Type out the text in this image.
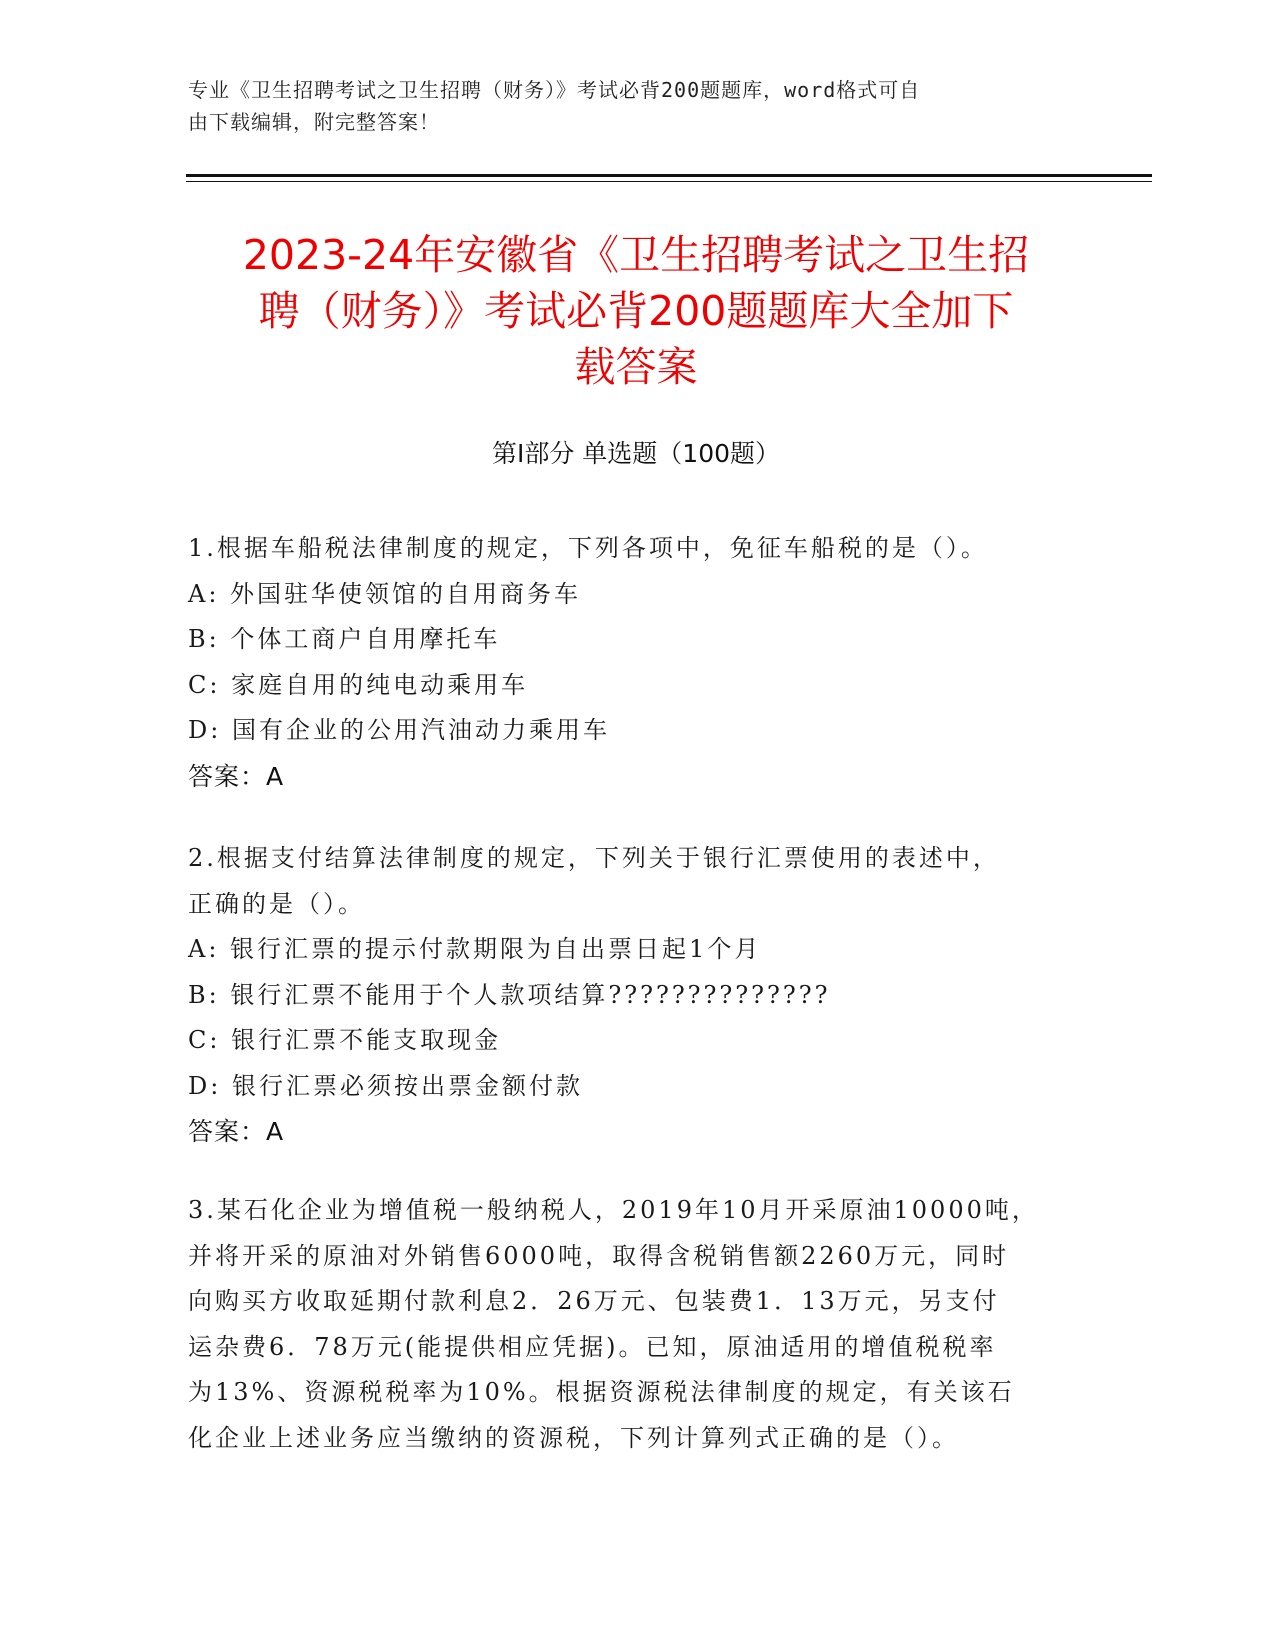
专业《卫生招聘考试之卫生招聘（财务）》考试必背200题题库，word格式可自
由下载编辑，附完整答案！
2023-24年安徽省《卫生招聘考试之卫生招
聘（财务）》考试必背200题题库大全加下
载答案
第I部分 单选题（100题）
1.根据车船税法律制度的规定，下列各项中，免征车船税的是（）。
A: 外国驻华使领馆的自用商务车
B: 个体工商户自用摩托车
C: 家庭自用的纯电动乘用车
D: 国有企业的公用汽油动力乘用车
答案：A
2.根据支付结算法律制度的规定，下列关于银行汇票使用的表述中，
正确的是（）。
A: 银行汇票的提示付款期限为自出票日起1个月
B: 银行汇票不能用于个人款项结算??????????????
C: 银行汇票不能支取现金
D: 银行汇票必须按出票金额付款
答案：A
3.某石化企业为增值税一般纳税人，2019年10月开采原油10000吨，
并将开采的原油对外销售6000吨，取得含税销售额2260万元，同时
向购买方收取延期付款利息2．26万元、包装费1．13万元，另支付
运杂费6．78万元(能提供相应凭据)。已知，原油适用的增值税税率
为13%、资源税税率为10%。根据资源税法律制度的规定，有关该石
化企业上述业务应当缴纳的资源税，下列计算列式正确的是（）。
